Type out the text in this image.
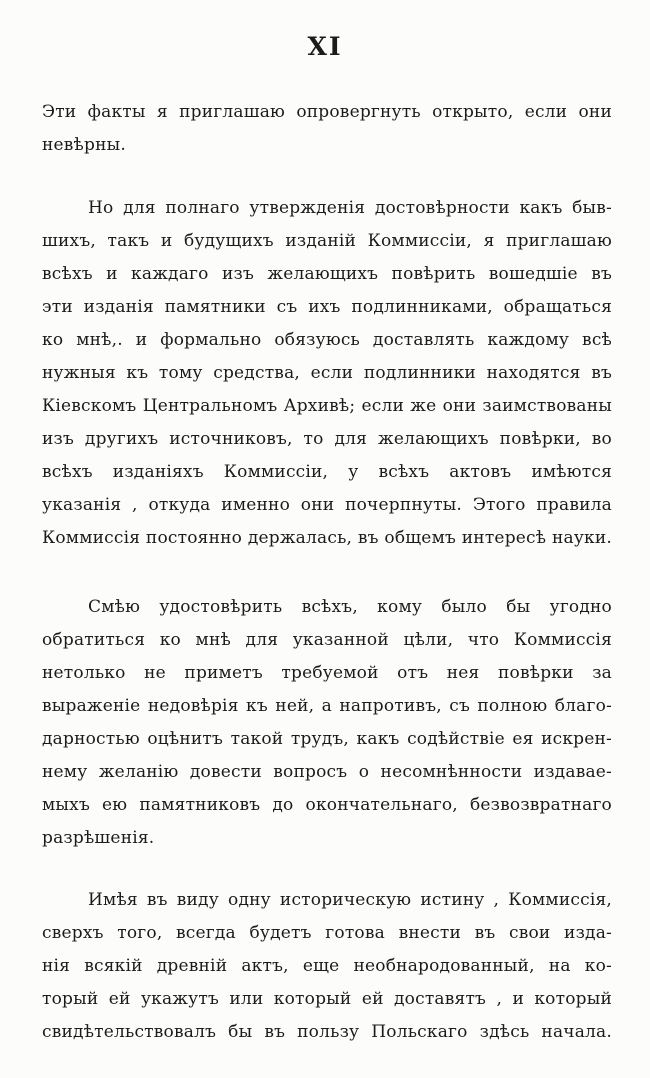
XI
Эти факты я приглашаю опровергнуть открыто, если они
невѣрны.
Но для полнаго утвержденія достовѣрности какъ быв-
шихъ, такъ и будущихъ изданій Коммиссіи, я приглашаю
всѣхъ и каждаго изъ желающихъ повѣрить вошедшіе въ
эти изданія памятники съ ихъ подлинниками, обращаться
ко мнѣ,. и формально обязуюсь доставлять каждому всѣ
нужныя къ тому средства, если подлинники находятся въ
Кіевскомъ Центральномъ Архивѣ; если же они заимствованы
изъ другихъ источниковъ, то для желающихъ повѣрки, во
всѣхъ изданіяхъ Коммиссіи, у всѣхъ актовъ имѣются
указанія , откуда именно они почерпнуты. Этого правила
Коммиссія постоянно держалась, въ общемъ интересѣ науки.
Смѣю удостовѣрить всѣхъ, кому было бы угодно
обратиться ко мнѣ для указанной цѣли, что Коммиссія
нетолько не приметъ требуемой отъ нея повѣрки за
выраженіе недовѣрія къ ней, а напротивъ, съ полною благо-
дарностью оцѣнитъ такой трудъ, какъ содѣйствіе ея искрен-
нему желанію довести вопросъ о несомнѣнности издавае-
мыхъ ею памятниковъ до окончательнаго, безвозвратнаго
разрѣшенія.
Имѣя въ виду одну историческую истину , Коммиссія,
сверхъ того, всегда будетъ готова внести въ свои изда-
нія всякій древній актъ, еще необнародованный, на ко-
торый ей укажутъ или который ей доставятъ , и который
свидѣтельствовалъ бы въ пользу Польскаго здѣсь начала.
